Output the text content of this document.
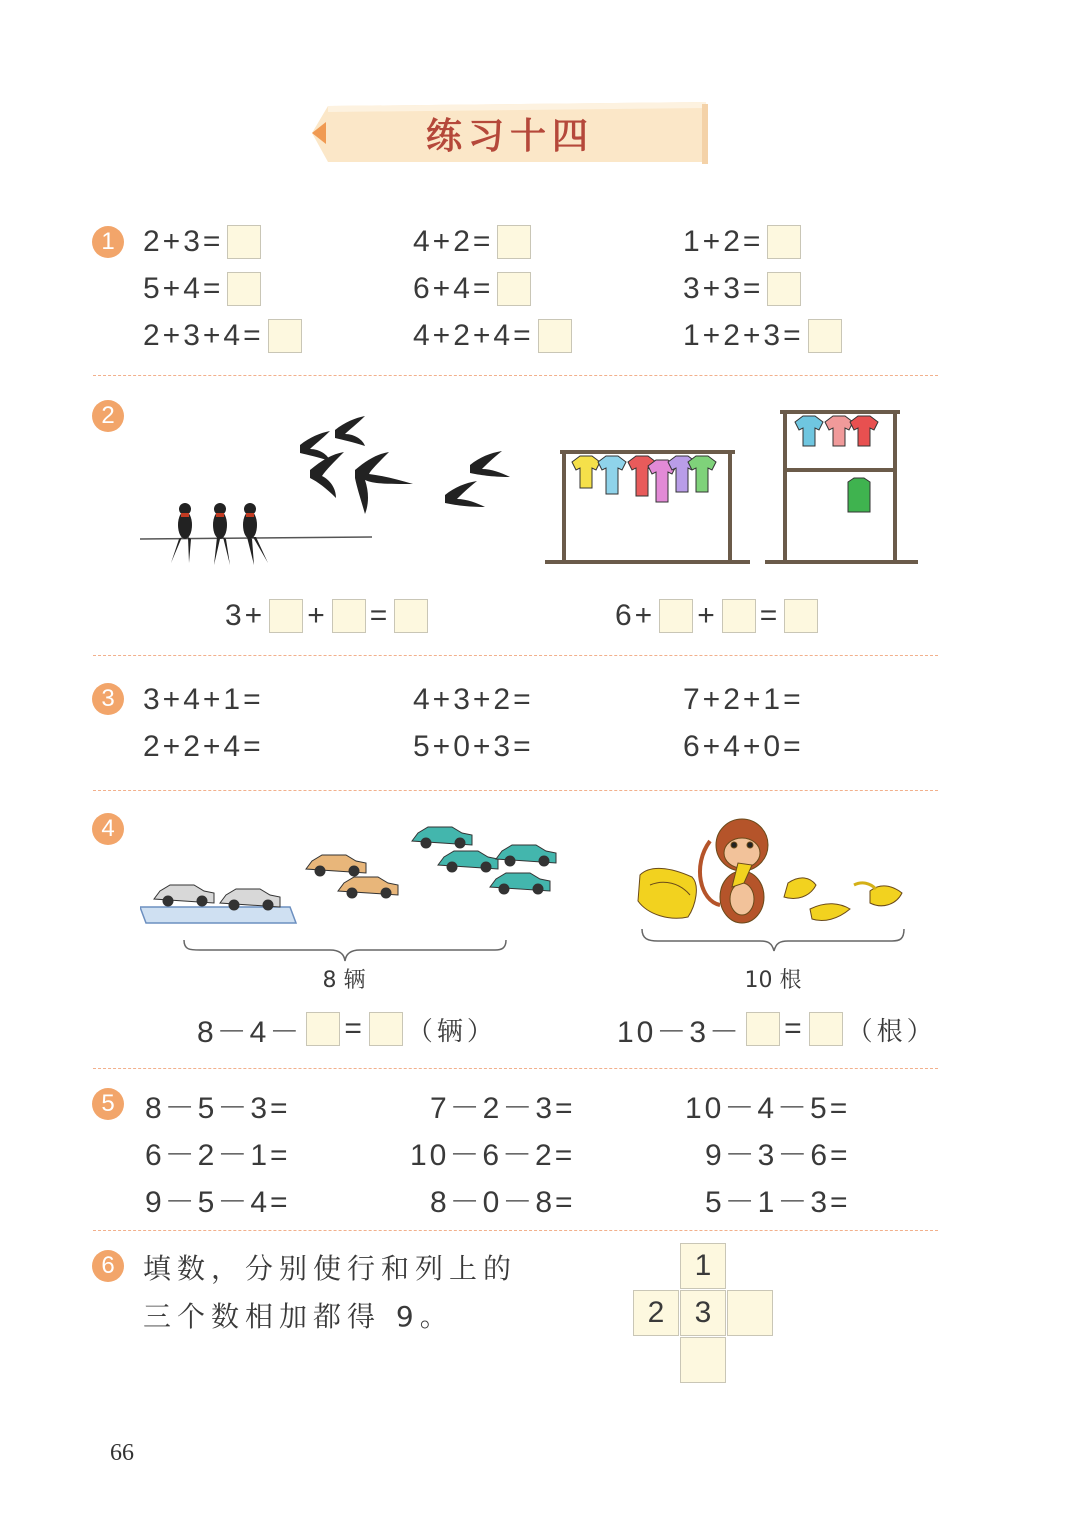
练习十四
1 2+3=	4+2=	1+2=
5+4=	6+4=	3+3=
2+3+4=	4+2+4=	1+2+3=
2
3+ + =	6+ + =
3 3+4+1=	4+3+2=	7+2+1=
2+2+4=	5+0+3=	6+4+0=
4
8 辆	10 根
8－4－ = （辆）	10－3－ = （根）
5	8－5－3=	7－2－3=	10－4－5=
6－2－1=	10－6－2=	9－3－6=
9－5－4=	8－0－8=	5－1－3=
6	填数，分别使行和列上的
三个数相加都得 9。
1
2	3
66
